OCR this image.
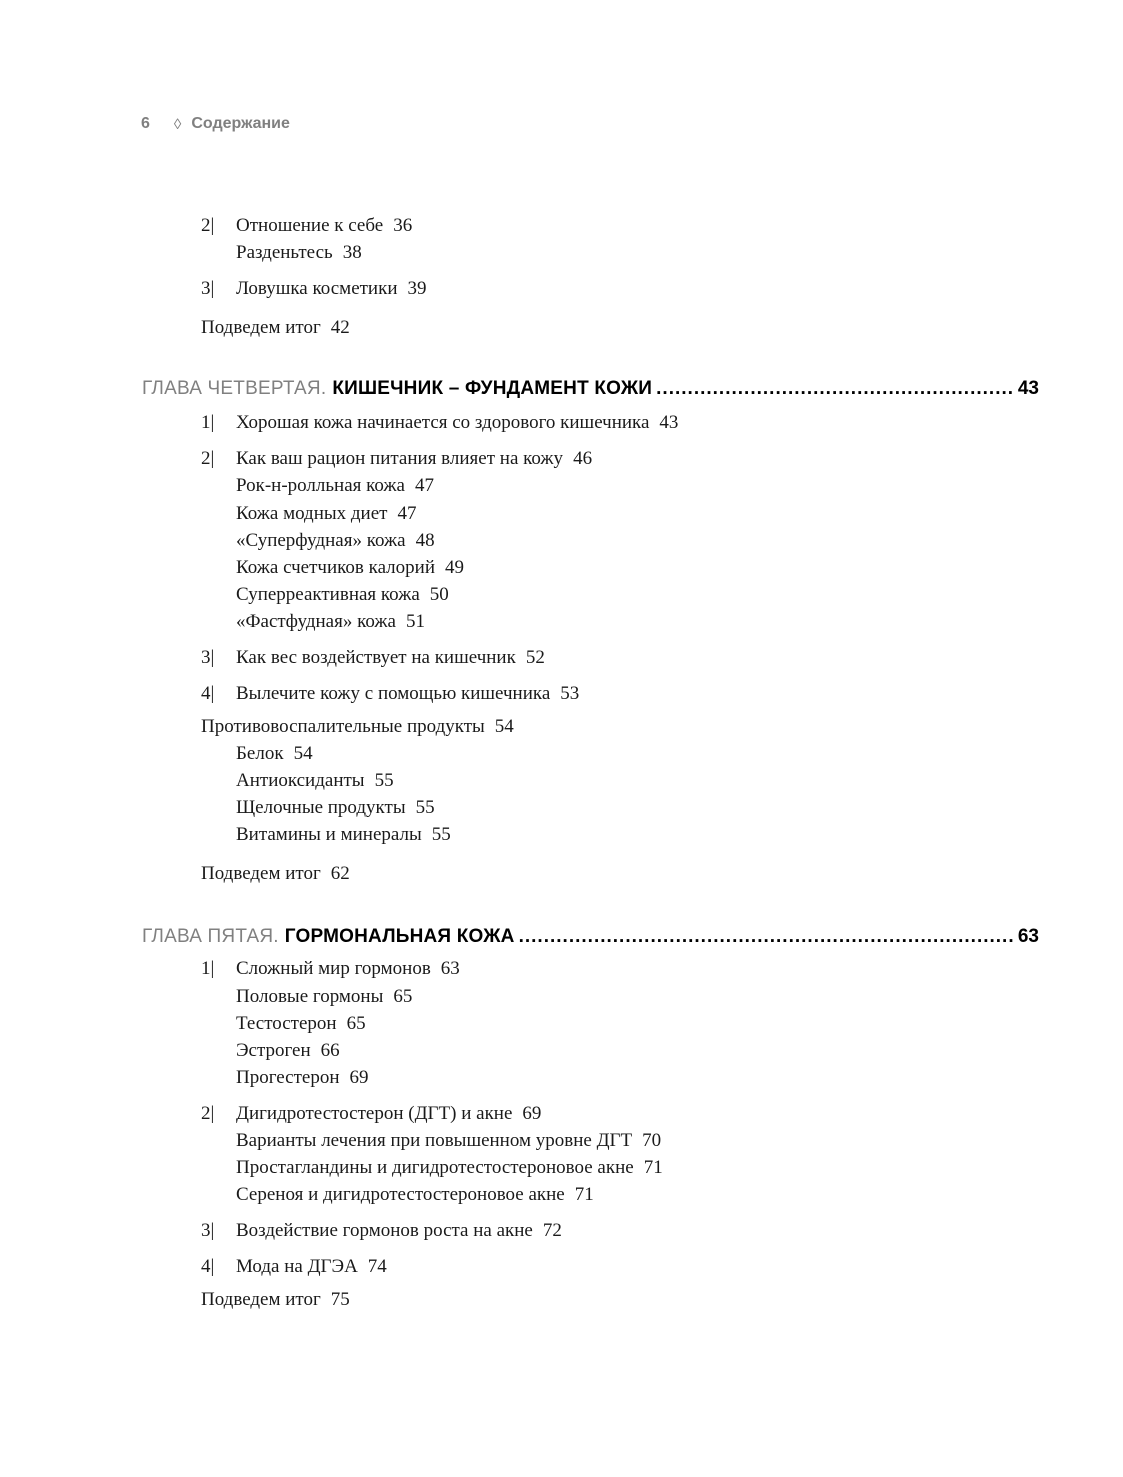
6 ◊ Содержание
2| Отношение к себе 36
Разденьтесь 38
3| Ловушка косметики 39
Подведем итог 42
ГЛАВА ЧЕТВЕРТАЯ. КИШЕЧНИК – ФУНДАМЕНТ КОЖИ .....	43
1| Хорошая кожа начинается со здорового кишечника 43
2| Как ваш рацион питания влияет на кожу 46
Рок-н-ролльная кожа 47
Кожа модных диет 47
«Суперфудная» кожа 48
Кожа счетчиков калорий 49
Суперреактивная кожа 50
«Фастфудная» кожа 51
3| Как вес воздействует на кишечник 52
4| Вылечите кожу с помощью кишечника 53
Противовоспалительные продукты 54
Белок 54
Антиоксиданты 55
Щелочные продукты 55
Витамины и минералы 55
Подведем итог 62
ГЛАВА ПЯТАЯ. ГОРМОНАЛЬНАЯ КОЖА .....	63
1| Сложный мир гормонов 63
Половые гормоны 65
Тестостерон 65
Эстроген 66
Прогестерон 69
2| Дигидротестостерон (ДГТ) и акне 69
Варианты лечения при повышенном уровне ДГТ 70
Простагландины и дигидротестостероновое акне 71
Сереноя и дигидротестостероновое акне 71
3| Воздействие гормонов роста на акне 72
4| Мода на ДГЭА 74
Подведем итог 75
